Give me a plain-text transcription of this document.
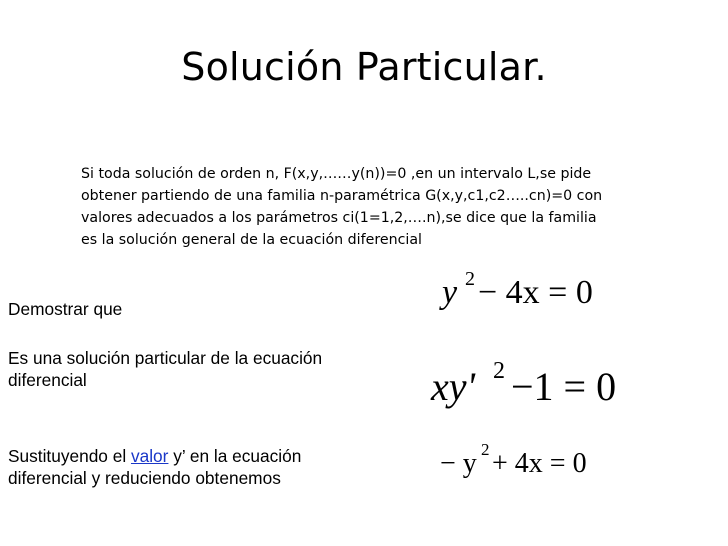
Solución Particular.

Si toda solución de orden n, F(x,y,……y(n))=0 ,en un intervalo L,se pide

obtener partiendo de una familia n-paramétrica G(x,y,c1,c2…..cn)=0 con

valores adecuados a los parámetros ci(1=1,2,….n),se dice que la familia

es la solución general de la ecuación diferencial

Demostrar que

Es una solución particular de la ecuación

diferencial

Sustituyendo el valor y’ en la ecuación

diferencial y reduciendo obtenemos

y 2 − 4x = 0
xy' 2 −1 = 0
− y 2 + 4x = 0
